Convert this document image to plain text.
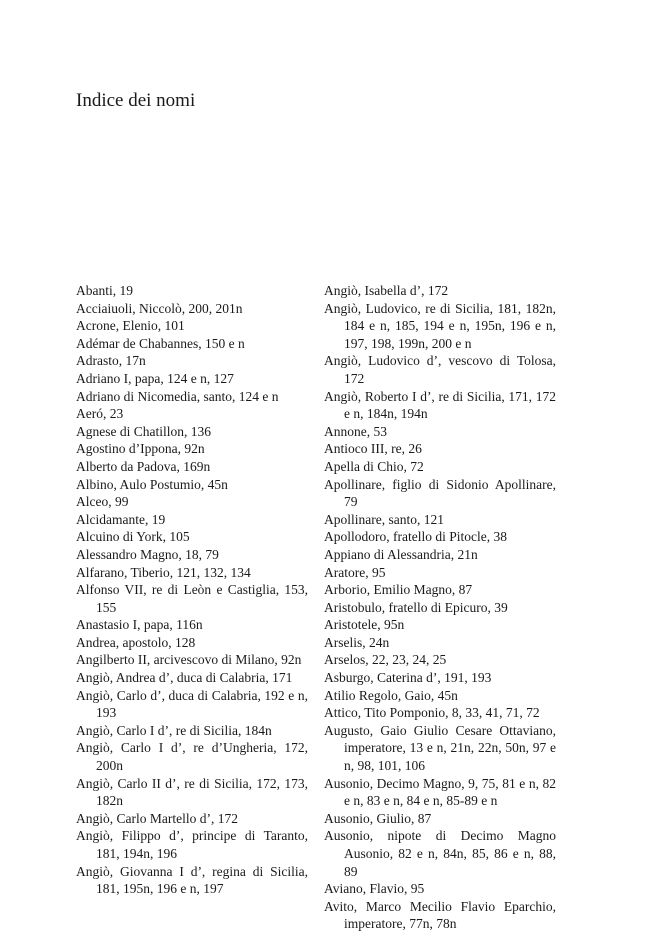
Indice dei nomi

Abanti, 19

Acciaiuoli, Niccolò, 200, 201n

Acrone, Elenio, 101

Adémar de Chabannes, 150 e n

Adrasto, 17n

Adriano I, papa, 124 e n, 127

Adriano di Nicomedia, santo, 124 e n

Aeró, 23

Agnese di Chatillon, 136

Agostino d’Ippona, 92n

Alberto da Padova, 169n

Albino, Aulo Postumio, 45n

Alceo, 99

Alcidamante, 19

Alcuino di York, 105

Alessandro Magno, 18, 79

Alfarano, Tiberio, 121, 132, 134

Alfonso VII, re di Leòn e Castiglia, 153, 155

Anastasio I, papa, 116n

Andrea, apostolo, 128

Angilberto II, arcivescovo di Milano, 92n

Angiò, Andrea d’, duca di Calabria, 171

Angiò, Carlo d’, duca di Calabria, 192 e n, 193

Angiò, Carlo I d’, re di Sicilia, 184n

Angiò, Carlo I d’, re d’Ungheria, 172, 200n

Angiò, Carlo II d’, re di Sicilia, 172, 173, 182n

Angiò, Carlo Martello d’, 172

Angiò, Filippo d’, principe di Taranto, 181, 194n, 196

Angiò, Giovanna I d’, regina di Sicilia, 181, 195n, 196 e n, 197

Angiò, Isabella d’, 172

Angiò, Ludovico, re di Sicilia, 181, 182n, 184 e n, 185, 194 e n, 195n, 196 e n, 197, 198, 199n, 200 e n

Angiò, Ludovico d’, vescovo di Tolosa, 172

Angiò, Roberto I d’, re di Sicilia, 171, 172 e n, 184n, 194n

Annone, 53

Antioco III, re, 26

Apella di Chio, 72

Apollinare, figlio di Sidonio Apollinare, 79

Apollinare, santo, 121

Apollodoro, fratello di Pitocle, 38

Appiano di Alessandria, 21n

Aratore, 95

Arborio, Emilio Magno, 87

Aristobulo, fratello di Epicuro, 39

Aristotele, 95n

Arselis, 24n

Arselos, 22, 23, 24, 25

Asburgo, Caterina d’, 191, 193

Atilio Regolo, Gaio, 45n

Attico, Tito Pomponio, 8, 33, 41, 71, 72

Augusto, Gaio Giulio Cesare Ottaviano, imperatore, 13 e n, 21n, 22n, 50n, 97 e n, 98, 101, 106

Ausonio, Decimo Magno, 9, 75, 81 e n, 82 e n, 83 e n, 84 e n, 85-89 e n

Ausonio, Giulio, 87

Ausonio, nipote di Decimo Magno Ausonio, 82 e n, 84n, 85, 86 e n, 88, 89

Aviano, Flavio, 95

Avito, Marco Mecilio Flavio Eparchio, imperatore, 77n, 78n
